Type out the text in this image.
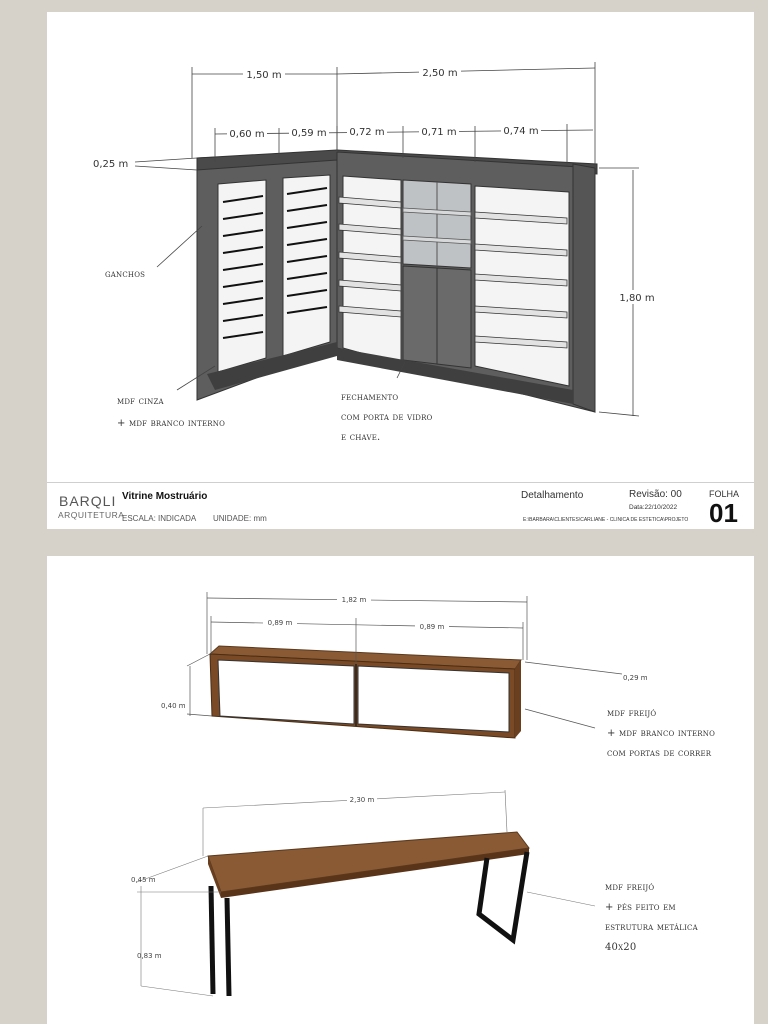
1,50 m	2,50 m
0,60 m	0,59 m 0,72 m	0,71 m	0,74 m
0,25 m
1,80 m
ganchos
mdf cinza
+ mdf branco interno
fechamento
com porta de vidro
e chave.
BARQLI
ARQUITETURA
Vitrine Mostruário
ESCALA: INDICADA UNIDADE: mm
Detalhamento	Revisão: 00
Data:22/10/2022
E:\BARBARA\CLIENTES\CARLIANE - CLINICA DE ESTETICA\PROJETO
FOLHA
01
1,82 m
0,89 m	0,89 m
0,29 m
0,40 m
mdf freijó
+ mdf branco interno
com portas de correr
2,30 m
0,45 m
0,83 m
mdf freijó
+ pés feito em
estrutura metálica
40x20
